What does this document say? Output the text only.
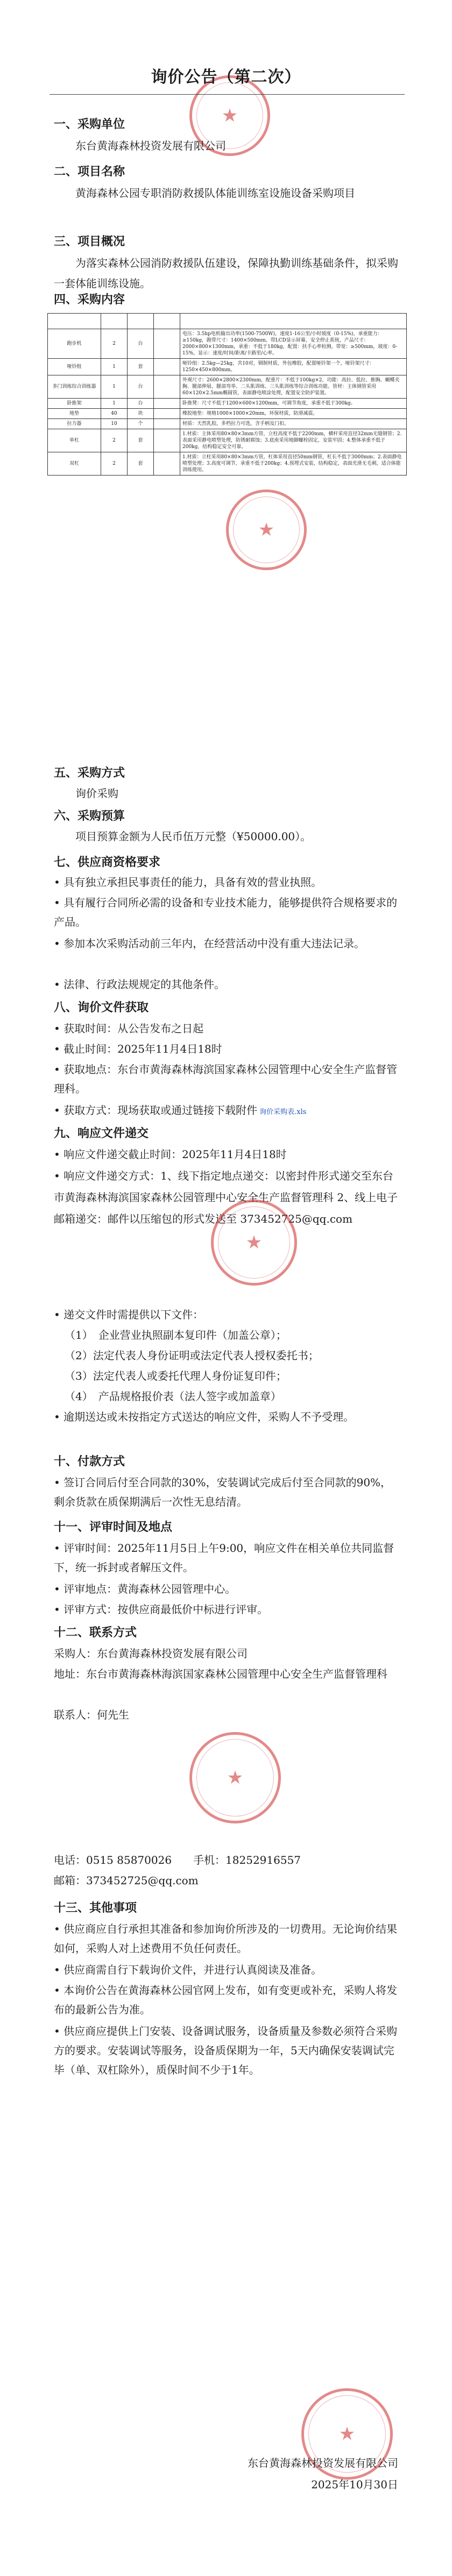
★
询价公告（第二次）
一、采购单位
东台黄海森林投资发展有限公司
二、项目名称
黄海森林公园专职消防救援队体能训练室设施设备采购项目
三、项目概况
为落实森林公园消防救援队伍建设，保障执勤训练基础条件，拟采购一套体能训练设施。
四、采购内容

跑步机	2	台		电压：3.5hp电机输出功率(1500-7500W)，速度1-16公里/小时坡度（0-15%)，承重能力：≥150kg，跑带尺寸：1400×500mm，带LCD显示屏幕，安全停止系统，产品尺寸：2000×800×1300mm，承重：不低于180kg，配置：扶手心率检测，带宽：≥500mm，坡度：0-15%，显示：速度/时间/距离/卡路里/心率。
哑铃组	1	套		哑铃组：2.5kg—25kg，共10对，钢制材质，外包橡胶，配置哑铃架一个，哑铃架尺寸：1250×450×800mm。
多门训练综合训练器	1	台		外观尺寸：2600×2800×2300mm，配重片：不低于100kg×2，功能：高拉、低拉、推胸、蝴蝶夹胸、腿部伸展、腿部弯举、二头肌训练、三头肌训练等综合训练功能。管材：主体钢管采用60×120×2.5mm椭圆管，表面静电喷涂处理，配置安全防护装置。
卧推架	1	台		卧推凳：尺寸不低于1200×600×1200mm，可调节角度，承重不低于300kg。
地垫	40	块		橡胶地垫：规格1000×1000×20mm，环保材质，防滑减震。
拉力器	10	个		材质：天然乳胶，多档拉力可选，含手柄及门扣。
单杠	2	套		1.材质：主体采用80×80×3mm方管，立柱高度不低于2200mm，横杆采用直径32mm无缝钢管；2.表面采用静电喷塑处理，防锈耐腐蚀；3.底座采用地脚螺栓固定，安装牢固；4.整体承重不低于200kg，结构稳定安全可靠。
双杠	2	套		1.材质：立柱采用80×80×3mm方管，杠体采用直径50mm钢管，杠长不低于3000mm；2.表面静电喷塑处理；3.高度可调节，承重不低于200kg；4.预埋式安装，结构稳定，表面光滑无毛刺，适合体能训练使用。
★
五、采购方式
询价采购
六、采购预算
项目预算金额为人民币伍万元整（¥50000.00）。
七、供应商资格要求
• 具有独立承担民事责任的能力，具备有效的营业执照。
• 具有履行合同所必需的设备和专业技术能力，能够提供符合规格要求的产品。
• 参加本次采购活动前三年内，在经营活动中没有重大违法记录。
• 法律、行政法规规定的其他条件。
八、询价文件获取
• 获取时间：从公告发布之日起
• 截止时间：2025年11月4日18时
• 获取地点：东台市黄海森林海滨国家森林公园管理中心安全生产监督管理科。
• 获取方式：现场获取或通过链接下载附件 询价采购表.xls
九、响应文件递交
• 响应文件递交截止时间：2025年11月4日18时
• 响应文件递交方式：1、线下指定地点递交：以密封件形式递交至东台市黄海森林海滨国家森林公园管理中心安全生产监督管理科 2、线上电子邮箱递交：邮件以压缩包的形式发送至 373452725@qq.com
★
• 递交文件时需提供以下文件：
（1）　企业营业执照副本复印件（加盖公章）；
（2）法定代表人身份证明或法定代表人授权委托书；
（3）法定代表人或委托代理人身份证复印件；
（4）　产品规格报价表（法人签字或加盖章）
• 逾期送达或未按指定方式送达的响应文件，采购人不予受理。
十、付款方式
• 签订合同后付至合同款的30%，安装调试完成后付至合同款的90%，剩余货款在质保期满后一次性无息结清。
十一、评审时间及地点
• 评审时间：2025年11月5日上午9:00，响应文件在相关单位共同监督下，统一拆封或者解压文件。
• 评审地点：黄海森林公园管理中心。
• 评审方式：按供应商最低价中标进行评审。
十二、联系方式
采购人：东台黄海森林投资发展有限公司
地址：东台市黄海森林海滨国家森林公园管理中心安全生产监督管理科
联系人：何先生
★
电话：0515 85870026　　手机：18252916557
邮箱：373452725@qq.com
十三、其他事项
• 供应商应自行承担其准备和参加询价所涉及的一切费用。无论询价结果如何，采购人对上述费用不负任何责任。
• 供应商需自行下载询价文件，并进行认真阅读及准备。
• 本询价公告在黄海森林公园官网上发布，如有变更或补充，采购人将发布的最新公告为准。
• 供应商应提供上门安装、设备调试服务，设备质量及参数必须符合采购方的要求。安装调试等服务，设备质保期为一年，5天内确保安装调试完毕（单、双杠除外），质保时间不少于1年。
★
东台黄海森林投资发展有限公司
2025年10月30日
